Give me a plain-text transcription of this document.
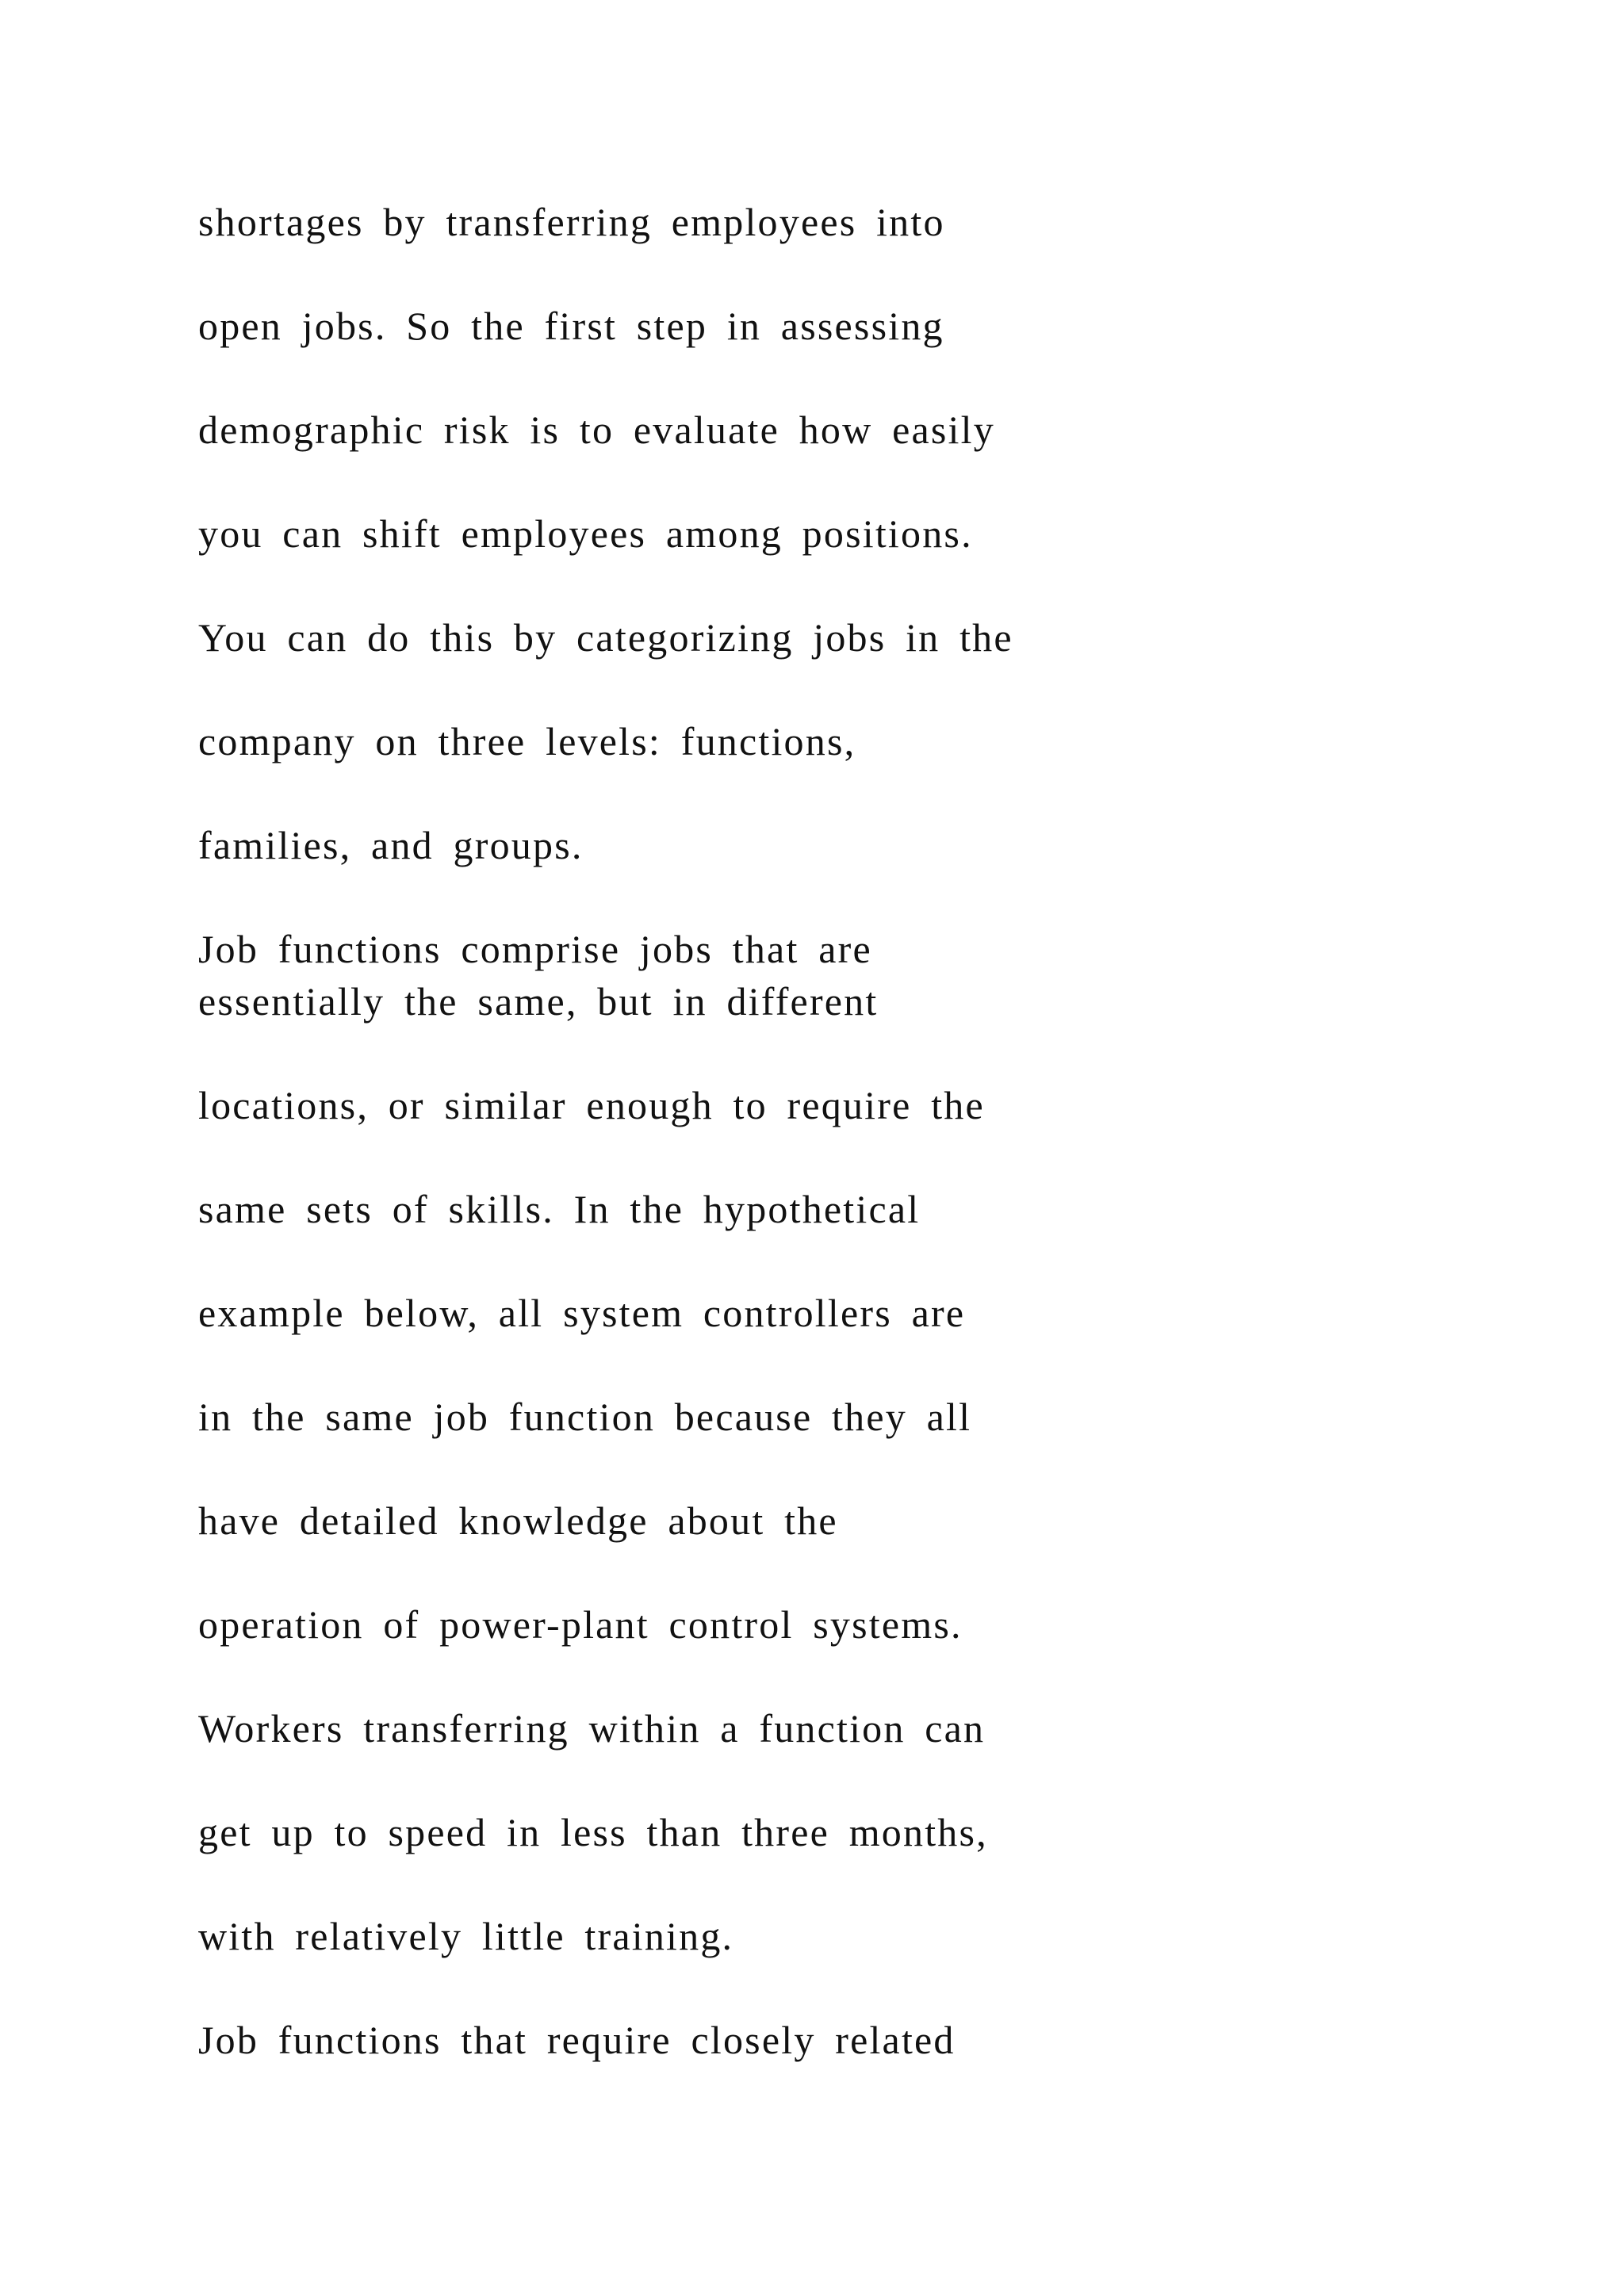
shortages by transferring employees into

open jobs. So the first step in assessing

demographic risk is to evaluate how easily

you can shift employees among positions.

You can do this by categorizing jobs in the

company on three levels: functions,

families, and groups.

Job functions comprise jobs that are

essentially the same, but in different

locations, or similar enough to require the

same sets of skills. In the hypothetical

example below, all system controllers are

in the same job function because they all

have detailed knowledge about the

operation of power-plant control systems.

Workers transferring within a function can

get up to speed in less than three months,

with relatively little training.

Job functions that require closely related
